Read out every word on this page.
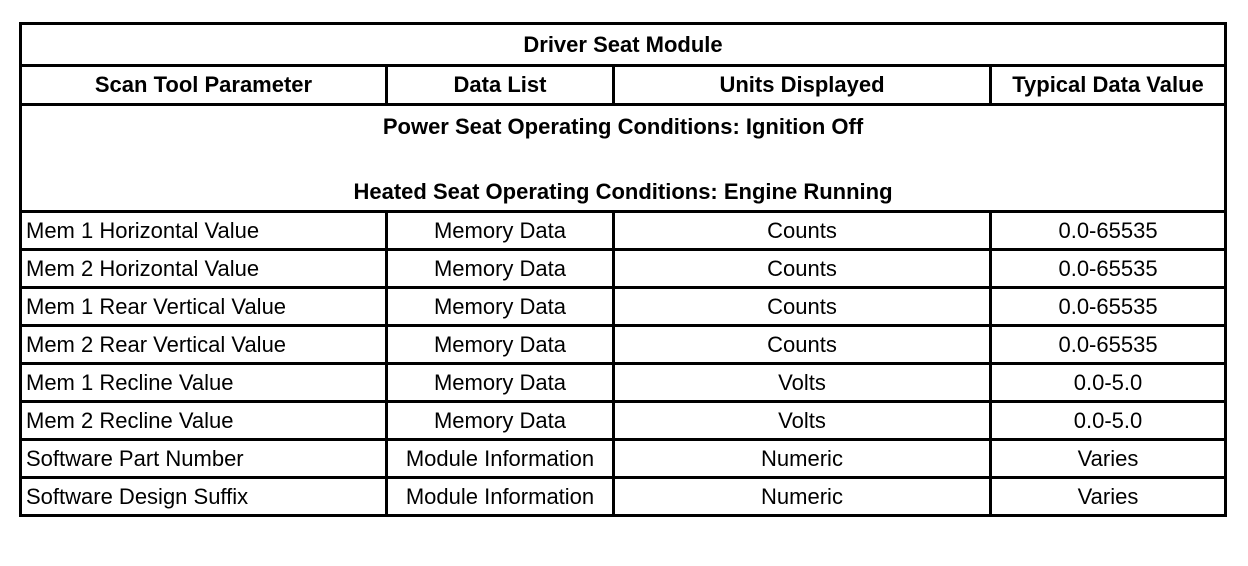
Driver Seat Module			
Scan Tool Parameter	Data List	Units Displayed	Typical Data Value

Power Seat Operating Conditions: Ignition Off
Heated Seat Operating Conditions: Engine Running			

Mem 1 Horizontal Value	Memory Data	Counts	0.0-65535
Mem 2 Horizontal Value	Memory Data	Counts	0.0-65535
Mem 1 Rear Vertical Value	Memory Data	Counts	0.0-65535
Mem 2 Rear Vertical Value	Memory Data	Counts	0.0-65535
Mem 1 Recline Value	Memory Data	Volts	0.0-5.0
Mem 2 Recline Value	Memory Data	Volts	0.0-5.0
Software Part Number	Module Information	Numeric	Varies
Software Design Suffix	Module Information	Numeric	Varies
